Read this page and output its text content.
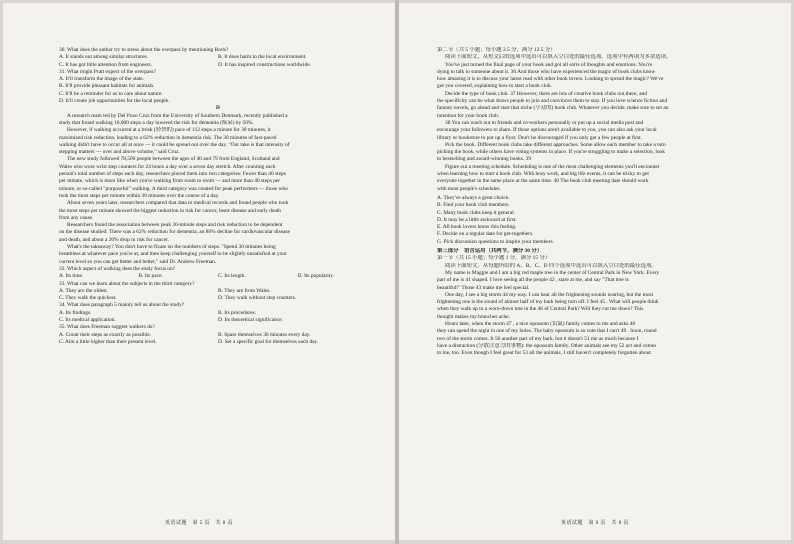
30. What does the author try to stress about the overpass by mentioning Rock?
A. It stands out among similar structures.	B. It does harm to the local environment.
C. It has got little attention from engineers.	D. It has inspired constructions worldwide.
31. What might Pratt expect of the overpass?
A. It'll transform the image of the state.
B. It'll provide pleasant habitats for animals.
C. It'll be a reminder for us to care about nature.
D. It'll create job opportunities for the local people.
D
A research team led by Del Pozo Cruz from the University of Southern Denmark, recently published a
study that found walking 10,000 steps a day lowered the risk for dementia (痴呆) by 50%.
However, if walking occurred at a brisk (轻快的) pace of 112 steps a minute for 30 minutes, it
maximized risk reduction, leading to a 62% reduction in dementia risk. The 30 minutes of fast-paced
walking didn't have to occur all at once — it could be spread out over the day. "Our take is that intensity of
stepping matters — over and above volume," said Cruz.
The new study followed 78,500 people between the ages of 40 and 79 from England, Scotland and
Wales who wore wrist step counters for 24 hours a day over a seven day stretch. After counting each
person's total number of steps each day, researchers placed them into two categories: Fewer than 40 steps
per minute, which is more like when you're walking from room to room — and more than 40 steps per
minute, or so-called "purposeful" walking. A third category was created for peak performers — those who
took the most steps per minute within 30 minutes over the course of a day.
About seven years later, researchers compared that data to medical records and found people who took
the most steps per minute showed the biggest reduction in risk for cancer, heart disease and early death
from any cause.
Researchers found the association between peak 30-minute steps and risk reduction to be dependent
on the disease studied: There was a 62% reduction for dementia, an 80% decline for cardiovascular disease
and death, and about a 20% drop in risk for cancer.
What's the takeaway? You don't have to fixate on the numbers of steps. "Spend 30 minutes being
breathless at whatever pace you're at, and then keep challenging yourself to be slightly unsatisfied at your
current level so you can get better and better," said Dr. Andrew Freeman.
32. Which aspect of walking does the study focus on?
A. Its time.	B. Its pace.	C. Its length.	D. Its popularity.
33. What can we learn about the subjects in the third category?
A. They are the oldest.	B. They are from Wales.
C. They walk the quickest.	D. They walk without step counters.
34. What does paragraph 5 mainly tell us about the study?
A. Its findings.	B. Its procedures.
C. Its medical application.	D. Its theoretical significance.
35. What does Freeman suggest walkers do?
A. Count their steps as exactly as possible.	B. Spare themselves 30 minutes every day.
C. Aim a little higher than their present level.	D. Set a specific goal for themselves each day.
英语试题　第 5 页　共 8 页
第二节（共 5 小题；每小题 2.5 分，满分 12.5 分）
阅读下面短文，从短文后的选项中选出可以填入空白处的最佳选项。选项中有两项为多余选项。
You've just turned the final page of your book and got all sorts of thoughts and emotions. You're
dying to talk to someone about it. 36 And those who have experienced the magic of book clubs know
how amazing it is to discuss your latest read with other book lovers. Looking to spread the magic? We've
got you covered, explaining how to start a book club.
Decide the type of book club. 37 However, there are lots of creative book clubs out there, and
the specificity can be what draws people to join and convinces them to stay. If you love science fiction and
fantasy novels, go ahead and start that niche (小众的) book club. Whatever you decide, make sure to set an
intention for your book club.
38 You can reach out to friends and co-workers personally or put up a social media post and
encourage your followers to share. If those options aren't available to you, you can also ask your local
library or bookstore to put up a flyer. Don't be discouraged if you only get a few people at first.
Pick the book. Different book clubs take different approaches. Some allow each member to take a turn
picking the book, while others have voting systems in place. If you're struggling to make a selection, look
to bestselling and award-winning books. 39
Figure out a meeting schedule. Scheduling is one of the most challenging elements you'll encounter
when learning how to start a book club. With busy work, and big life events, it can be tricky to get
everyone together in the same place at the same time. 40 The book club meeting date should work
with most people's schedules.
A. They've always a great choice.
B. Find your book club members.
C. Many book clubs keep it general.
D. It may be a little awkward at first.
E. All book lovers know this feeling.
F. Decide on a regular date for get-togethers.
G. Pick discussion questions to inspire your members.
第三部分　语言运用（共两节，满分 30 分）
第一节（共 15 小题；每小题 1 分，满分 15 分）
阅读下面短文，从每题所给的 A、B、C、D 四个选项中选出可以填入空白处的最佳选项。
My name is Maggie and I am a big red maple tree in the center of Central Park in New York. Every
part of me is 41 shaped. I love seeing all the people 42 , stare at me, and say "That tree is
beautiful!" Those 43 make me feel special.
One day, I see a big storm 44 my way. I can hear all the frightening sounds nearing, but the most
frightening one is the sound of almost half of my bark being torn off. I feel 45 . What will people think
when they walk up to a worn-down tree in the 46 of Central Park? Will they cut me down? This
thought makes my branches ache.
Hours later, when the storm 47 , a nice opossum (负鼠) family comes to me and asks 48
they can spend the night in one of my holes. The baby opossum is so cute that I can't 49 . Soon, round
two of the storm comes. It 50 another part of my bark, but it doesn't 51 me as much because I
have a distraction (分散注意力的事物): the opossum family. Other animals see my 52 act and comes
to me, too. Even though I feel great for 53 all the animals, I still haven't completely forgotten about
英语试题　第 6 页　共 8 页
